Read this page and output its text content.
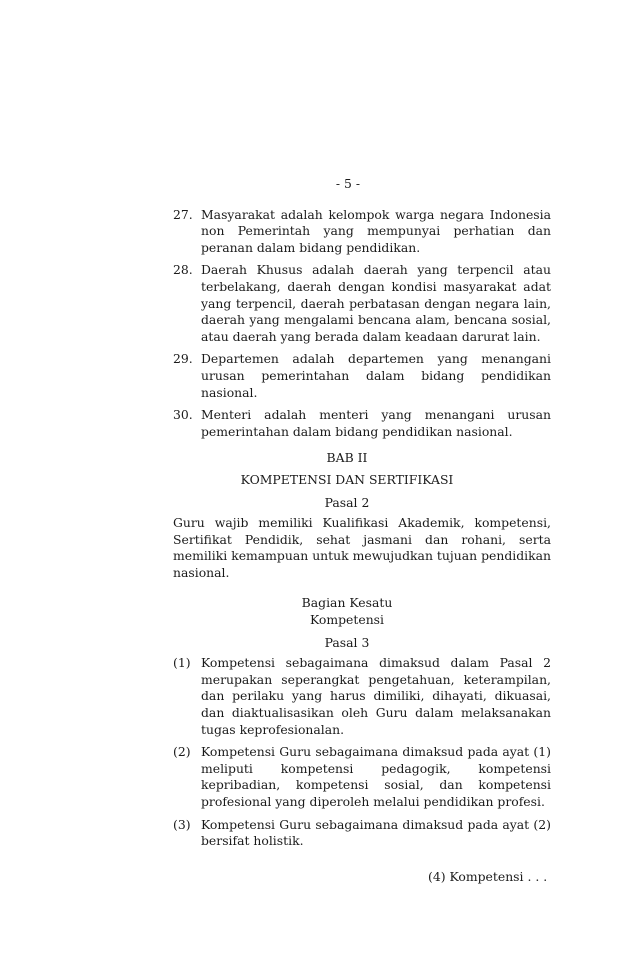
- 5 -
27. Masyarakat adalah kelompok warga negara Indonesia non Pemerintah yang mempunyai perhatian dan peranan dalam bidang pendidikan.
28. Daerah Khusus adalah daerah yang terpencil atau terbelakang, daerah dengan kondisi masyarakat adat yang terpencil, daerah perbatasan dengan negara lain, daerah yang mengalami bencana alam, bencana sosial, atau daerah yang berada dalam keadaan darurat lain.
29. Departemen adalah departemen yang menangani urusan pemerintahan dalam bidang pendidikan nasional.
30. Menteri adalah menteri yang menangani urusan pemerintahan dalam bidang pendidikan nasional.

BAB II

KOMPETENSI DAN SERTIFIKASI

Pasal 2

Guru wajib memiliki Kualifikasi Akademik, kompetensi, Sertifikat Pendidik, sehat jasmani dan rohani, serta memiliki kemampuan untuk mewujudkan tujuan pendidikan nasional.

Bagian Kesatu

Kompetensi

Pasal 3

(1) Kompetensi sebagaimana dimaksud dalam Pasal 2 merupakan seperangkat pengetahuan, keterampilan, dan perilaku yang harus dimiliki, dihayati, dikuasai, dan diaktualisasikan oleh Guru dalam melaksanakan tugas keprofesionalan.
(2) Kompetensi Guru sebagaimana dimaksud pada ayat (1) meliputi kompetensi pedagogik, kompetensi kepribadian, kompetensi sosial, dan kompetensi profesional yang diperoleh melalui pendidikan profesi.
(3) Kompetensi Guru sebagaimana dimaksud pada ayat (2) bersifat holistik.
(4) Kompetensi . . .
